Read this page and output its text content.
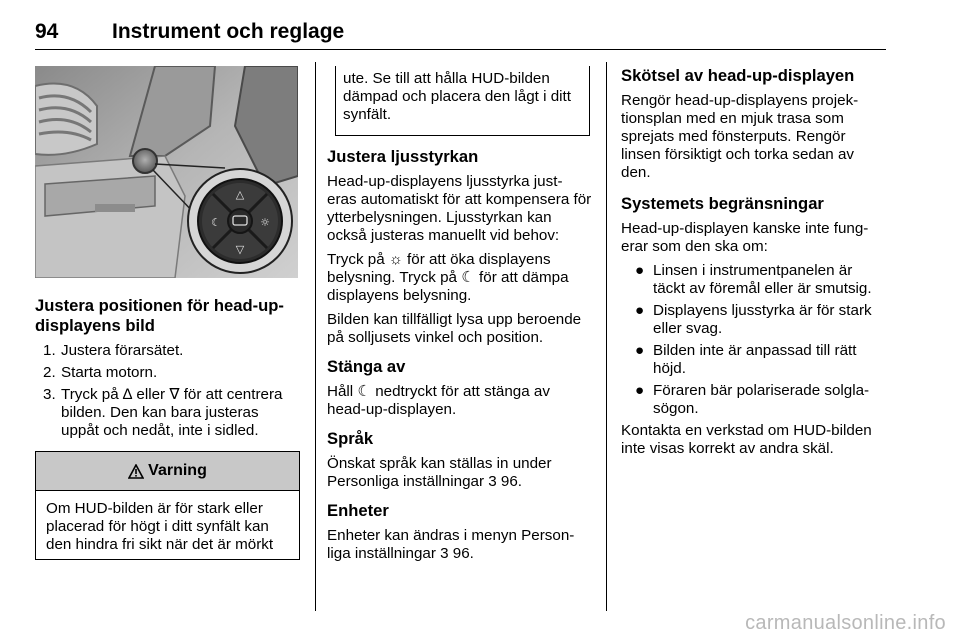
94	Instrument och reglage
△
▽
☾	☼
Justera positionen för head-up-displayens bild
1. Justera förarsätet.
2. Starta motorn.
3. Tryck på ∆ eller ∇ för att centrera bilden. Den kan bara justeras uppåt och nedåt, inte i sidled.
Varning
Om HUD-bilden är för stark eller placerad för högt i ditt synfält kan den hindra fri sikt när det är mörkt
ute. Se till att hålla HUD-bilden dämpad och placera den lågt i ditt synfält.
Justera ljusstyrkan

Head-up-displayens ljusstyrka just-eras automatiskt för att kompensera för ytterbelysningen. Ljusstyrkan kan också justeras manuellt vid behov:

Tryck på ☼ för att öka displayens belysning. Tryck på ☾ för att dämpa displayens belysning.

Bilden kan tillfälligt lysa upp beroende på solljusets vinkel och position.

Stänga av

Håll ☾ nedtryckt för att stänga av head-up-displayen.

Språk

Önskat språk kan ställas in under Personliga inställningar 3 96.

Enheter

Enheter kan ändras i menyn Person-liga inställningar 3 96.

Skötsel av head-up-displayen

Rengör head-up-displayens projek-tionsplan med en mjuk trasa som sprejats med fönsterputs. Rengör linsen försiktigt och torka sedan av den.

Systemets begränsningar

Head-up-displayen kanske inte fung-erar som den ska om:

● Linsen i instrumentpanelen är täckt av föremål eller är smutsig.
● Displayens ljusstyrka är för stark eller svag.
● Bilden inte är anpassad till rätt höjd.
● Föraren bär polariserade solgla-sögon.

Kontakta en verkstad om HUD-bilden inte visas korrekt av andra skäl.

carmanualsonline.info
